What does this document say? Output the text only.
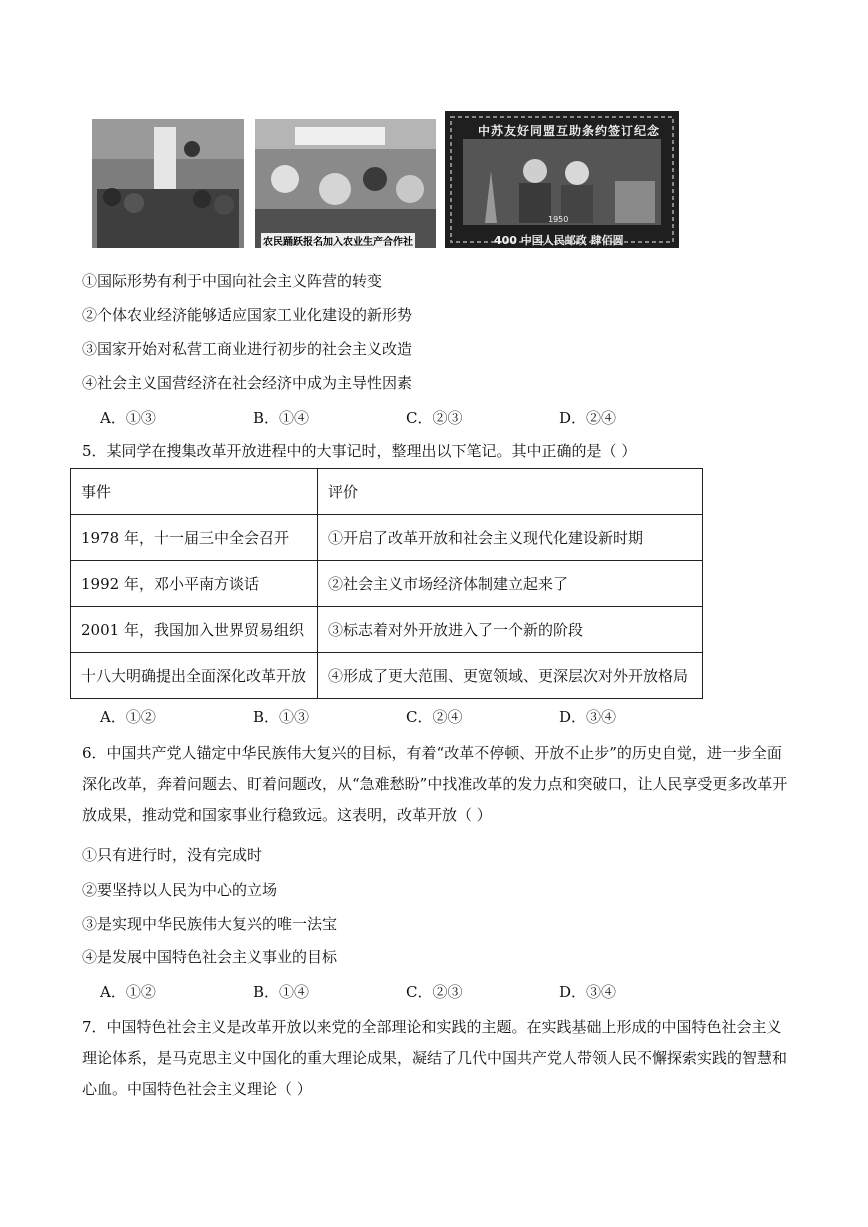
中苏友好同盟互助条约签订纪念
1950
400 中国人民邮政 肆佰圆
农民踊跃报名加入农业生产合作社
①国际形势有利于中国向社会主义阵营的转变
②个体农业经济能够适应国家工业化建设的新形势
③国家开始对私营工商业进行初步的社会主义改造
④社会主义国营经济在社会经济中成为主导性因素
A．①③	B．①④	C．②③	D．②④
5．某同学在搜集改革开放进程中的大事记时，整理出以下笔记。其中正确的是（ ）
事件	评价
1978 年，十一届三中全会召开	①开启了改革开放和社会主义现代化建设新时期
1992 年，邓小平南方谈话	②社会主义市场经济体制建立起来了
2001 年，我国加入世界贸易组织	③标志着对外开放进入了一个新的阶段
十八大明确提出全面深化改革开放	④形成了更大范围、更宽领域、更深层次对外开放格局
A．①②	B．①③	C．②④	D．③④
6．中国共产党人锚定中华民族伟大复兴的目标，有着“改革不停顿、开放不止步”的历史自觉，进一步全面深化改革，奔着问题去、盯着问题改，从“急难愁盼”中找准改革的发力点和突破口，让人民享受更多改革开放成果，推动党和国家事业行稳致远。这表明，改革开放（ ）
①只有进行时，没有完成时
②要坚持以人民为中心的立场
③是实现中华民族伟大复兴的唯一法宝
④是发展中国特色社会主义事业的目标
A．①②	B．①④	C．②③	D．③④
7．中国特色社会主义是改革开放以来党的全部理论和实践的主题。在实践基础上形成的中国特色社会主义理论体系，是马克思主义中国化的重大理论成果，凝结了几代中国共产党人带领人民不懈探索实践的智慧和心血。中国特色社会主义理论（ ）
